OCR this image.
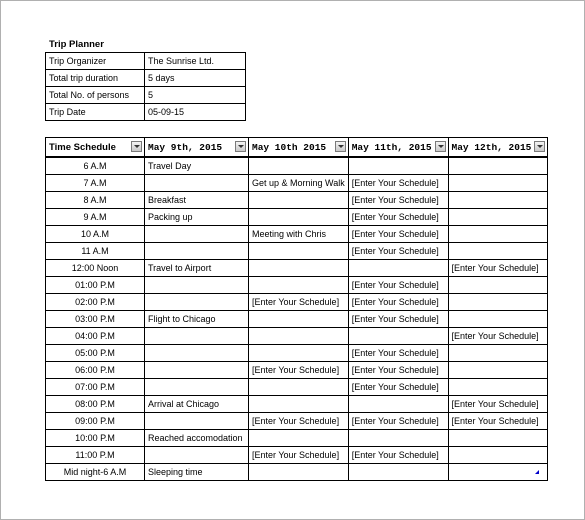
Trip Planner
Trip Organizer	The Sunrise Ltd.
Total trip duration	5 days
Total No. of persons	5
Trip Date	05-09-15
Time Schedule	May 9th, 2015	May 10th 2015	May 11th, 2015	May 12th, 2015

6 A.M	Travel Day			
7 A.M		Get up & Morning Walk	[Enter Your Schedule]	
8 A.M	Breakfast		[Enter Your Schedule]	
9 A.M	Packing up		[Enter Your Schedule]	
10 A.M		Meeting with Chris	[Enter Your Schedule]	
11 A.M			[Enter Your Schedule]	
12:00 Noon	Travel to Airport			[Enter Your Schedule]
01:00 P.M			[Enter Your Schedule]	
02:00 P.M		[Enter Your Schedule]	[Enter Your Schedule]	
03:00 P.M	Flight to Chicago		[Enter Your Schedule]	
04:00 P.M				[Enter Your Schedule]
05:00 P.M			[Enter Your Schedule]	
06:00 P.M		[Enter Your Schedule]	[Enter Your Schedule]	
07:00 P.M			[Enter Your Schedule]	
08:00 P.M	Arrival at Chicago			[Enter Your Schedule]
09:00 P.M		[Enter Your Schedule]	[Enter Your Schedule]	[Enter Your Schedule]
10:00 P.M	Reached accomodation			
11:00 P.M		[Enter Your Schedule]	[Enter Your Schedule]	
Mid night-6 A.M	Sleeping time			
